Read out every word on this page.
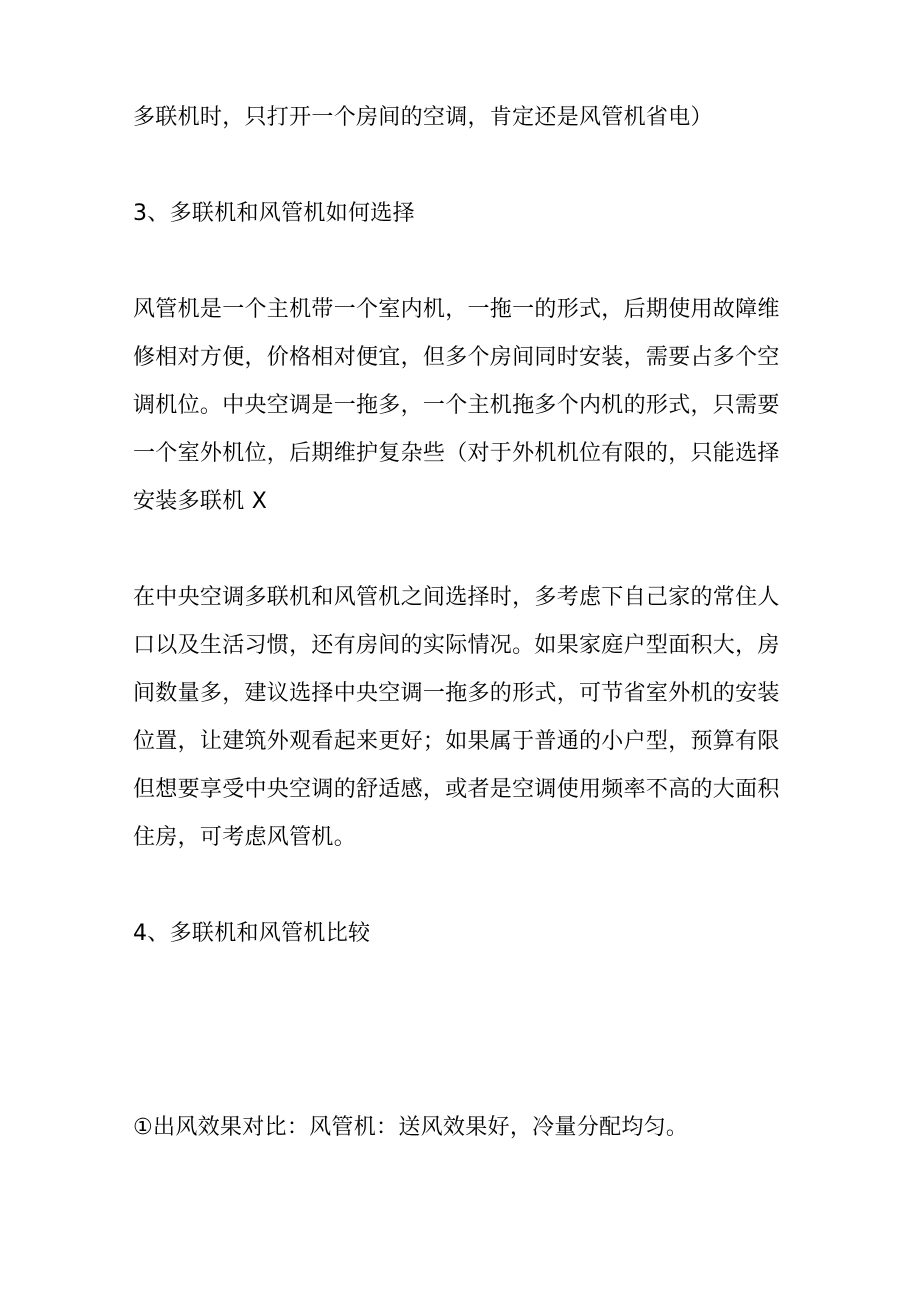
多联机时，只打开一个房间的空调，肯定还是风管机省电）
3、多联机和风管机如何选择
风管机是一个主机带一个室内机，一拖一的形式，后期使用故障维
修相对方便，价格相对便宜，但多个房间同时安装，需要占多个空
调机位。中央空调是一拖多，一个主机拖多个内机的形式，只需要
一个室外机位，后期维护复杂些（对于外机机位有限的，只能选择
安装多联机 X
在中央空调多联机和风管机之间选择时，多考虑下自己家的常住人
口以及生活习惯，还有房间的实际情况。如果家庭户型面积大，房
间数量多，建议选择中央空调一拖多的形式，可节省室外机的安装
位置，让建筑外观看起来更好；如果属于普通的小户型，预算有限
但想要享受中央空调的舒适感，或者是空调使用频率不高的大面积
住房，可考虑风管机。
4、多联机和风管机比较
①出风效果对比：风管机：送风效果好，冷量分配均匀。
